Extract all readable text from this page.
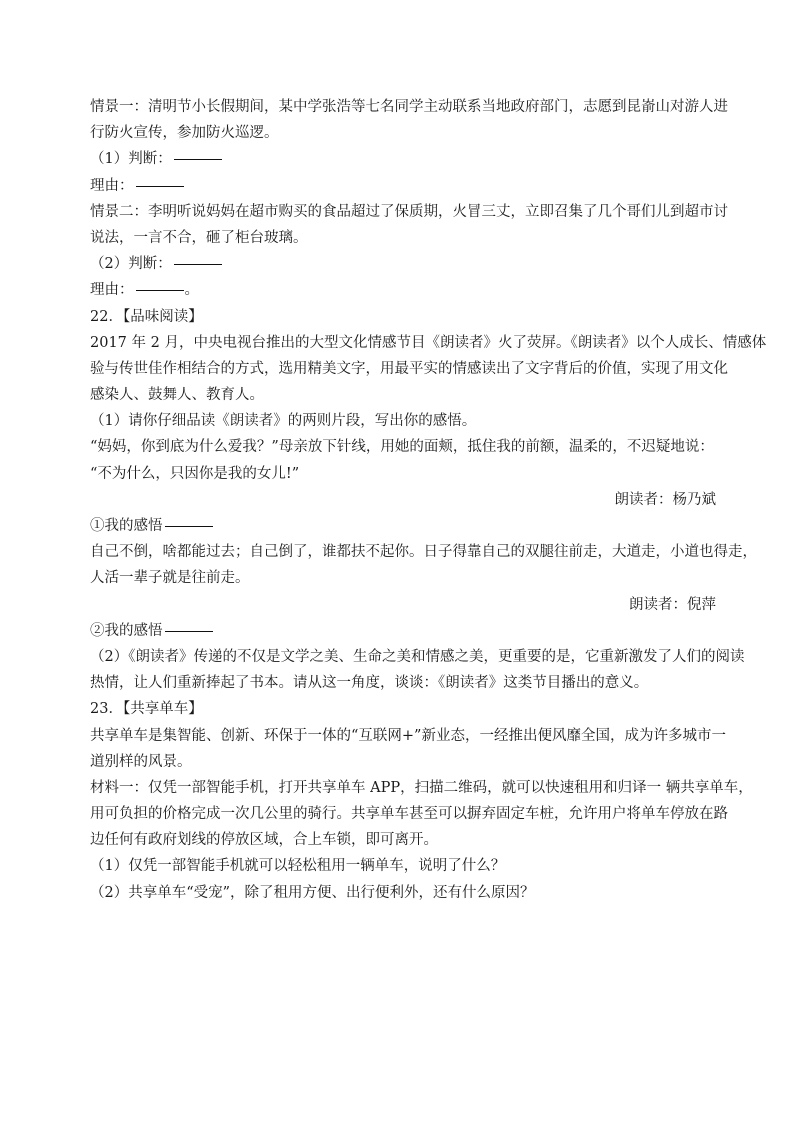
情景一：清明节小长假期间，某中学张浩等七名同学主动联系当地政府部门，志愿到昆嵛山对游人进
行防火宣传，参加防火巡逻。
（1）判断：
理由：
情景二：李明听说妈妈在超市购买的食品超过了保质期，火冒三丈，立即召集了几个哥们儿到超市讨
说法，一言不合，砸了柜台玻璃。
（2）判断：
理由：	。
22．【品味阅读】
2017 年 2 月，中央电视台推出的大型文化情感节目《朗读者》火了荧屏。《朗读者》以个人成长、情感体
验与传世佳作相结合的方式，选用精美文字，用最平实的情感读出了文字背后的价值，实现了用文化
感染人、鼓舞人、教育人。
（1）请你仔细品读《朗读者》的两则片段，写出你的感悟。
“妈妈，你到底为什么爱我？”母亲放下针线，用她的面颊，抵住我的前额，温柔的，不迟疑地说：
“不为什么，只因你是我的女儿!”
朗读者：杨乃斌
①我的感悟
自己不倒，啥都能过去；自己倒了，谁都扶不起你。日子得靠自己的双腿往前走，大道走，小道也得走，
人活一辈子就是往前走。
朗读者：倪萍
②我的感悟
（2）《朗读者》传递的不仅是文学之美、生命之美和情感之美，更重要的是，它重新激发了人们的阅读
热情，让人们重新捧起了书本。请从这一角度，谈谈：《朗读者》这类节目播出的意义。
23．【共享单车】
共享单车是集智能、创新、环保于一体的“互联网+”新业态，一经推出便风靡全国，成为许多城市一
道别样的风景。
材料一：仅凭一部智能手机，打开共享单车 APP，扫描二维码，就可以快速租用和归译一 辆共享单车，
用可负担的价格完成一次几公里的骑行。共享单车甚至可以摒弃固定车桩，允许用户将单车停放在路
边任何有政府划线的停放区域，合上车锁，即可离开。
（1）仅凭一部智能手机就可以轻松租用一辆单车，说明了什么？
（2）共享单车“受宠”，除了租用方便、出行便利外，还有什么原因？
